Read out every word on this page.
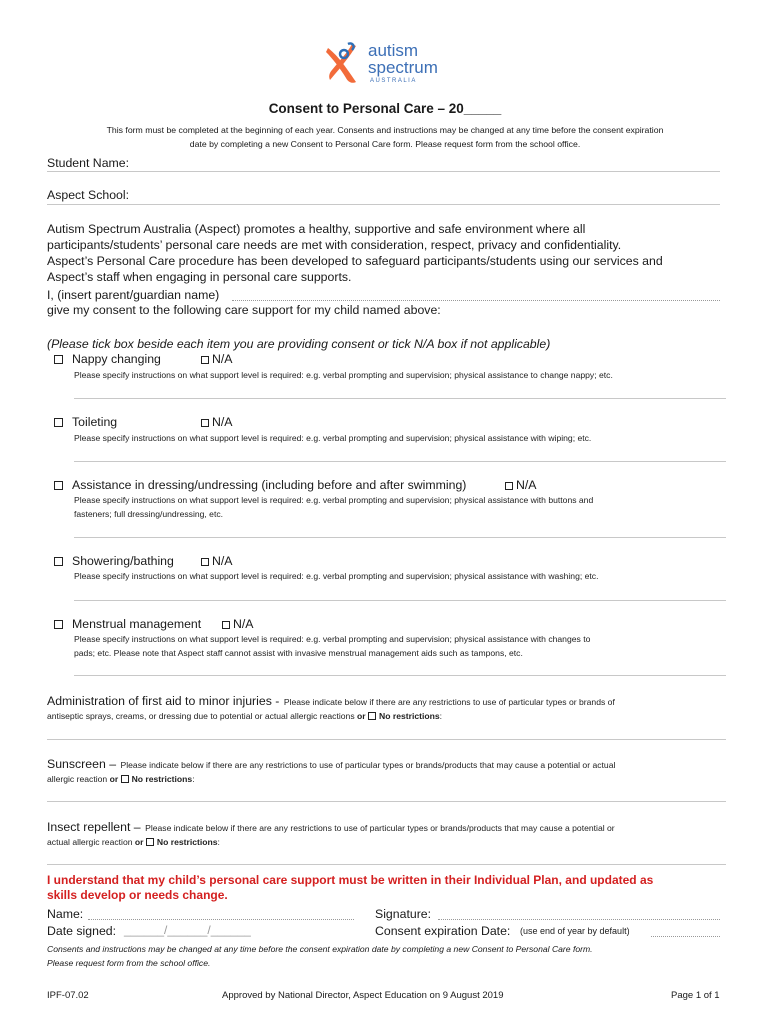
autism
spectrum
AUSTRALIA
Consent to Personal Care – 20_____
This form must be completed at the beginning of each year. Consents and instructions may be changed at any time before the consent expiration
date by completing a new Consent to Personal Care form. Please request form from the school office.
Student Name:
Aspect School:
Autism Spectrum Australia (Aspect) promotes a healthy, supportive and safe environment where all
participants/students’ personal care needs are met with consideration, respect, privacy and confidentiality.
Aspect’s Personal Care procedure has been developed to safeguard participants/students using our services and
Aspect’s staff when engaging in personal care supports.
I, (insert parent/guardian name)
give my consent to the following care support for my child named above:
(Please tick box beside each item you are providing consent or tick N/A box if not applicable)
Nappy changing	N/A
Please specify instructions on what support level is required: e.g. verbal prompting and supervision; physical assistance to change nappy; etc.
Toileting	N/A
Please specify instructions on what support level is required: e.g. verbal prompting and supervision; physical assistance with wiping; etc.
Assistance in dressing/undressing (including before and after swimming)	N/A
Please specify instructions on what support level is required: e.g. verbal prompting and supervision; physical assistance with buttons and
fasteners; full dressing/undressing, etc.
Showering/bathing	N/A
Please specify instructions on what support level is required: e.g. verbal prompting and supervision; physical assistance with washing; etc.
Menstrual management	N/A
Please specify instructions on what support level is required: e.g. verbal prompting and supervision; physical assistance with changes to
pads; etc. Please note that Aspect staff cannot assist with invasive menstrual management aids such as tampons, etc.
Administration of first aid to minor injuries - Please indicate below if there are any restrictions to use of particular types or brands of
antiseptic sprays, creams, or dressing due to potential or actual allergic reactions or No restrictions:
Sunscreen – Please indicate below if there are any restrictions to use of particular types or brands/products that may cause a potential or actual
allergic reaction or No restrictions:
Insect repellent – Please indicate below if there are any restrictions to use of particular types or brands/products that may cause a potential or
actual allergic reaction or No restrictions:
I understand that my child’s personal care support must be written in their Individual Plan, and updated as
skills develop or needs change.
Name:	Signature:
Date signed: ______/______/______	Consent expiration Date: (use end of year by default)
Consents and instructions may be changed at any time before the consent expiration date by completing a new Consent to Personal Care form.
Please request form from the school office.
IPF-07.02	Approved by National Director, Aspect Education on 9 August 2019	Page 1 of 1
